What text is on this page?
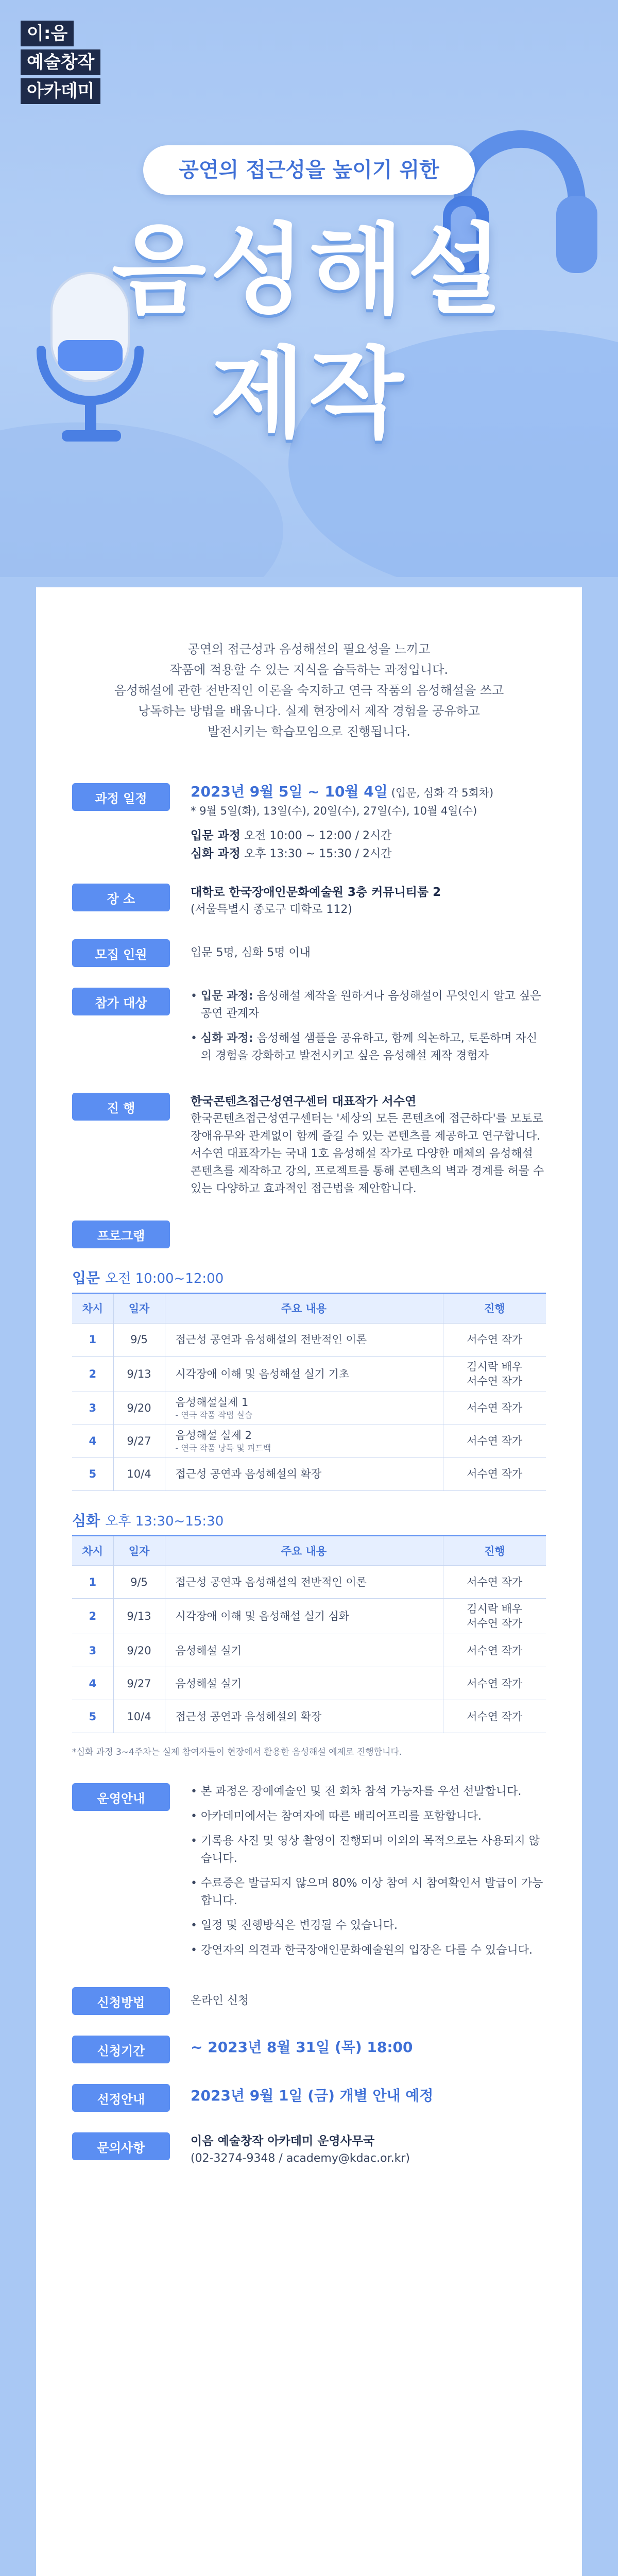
이:음
예술창작
아카데미
공연의 접근성을 높이기 위한
음성해설
제작
공연의 접근성과 음성해설의 필요성을 느끼고
작품에 적용할 수 있는 지식을 습득하는 과정입니다.
음성해설에 관한 전반적인 이론을 숙지하고 연극 작품의 음성해설을 쓰고
낭독하는 방법을 배웁니다. 실제 현장에서 제작 경험을 공유하고
발전시키는 학습모임으로 진행됩니다.
과정 일정	2023년 9월 5일 ~ 10월 4일 (입문, 심화 각 5회차)
* 9월 5일(화), 13일(수), 20일(수), 27일(수), 10월 4일(수)
입문 과정 오전 10:00 ~ 12:00 / 2시간
심화 과정 오후 13:30 ~ 15:30 / 2시간
장 소	대학로 한국장애인문화예술원 3층 커뮤니티룸 2
(서울특별시 종로구 대학로 112)
모집 인원	입문 5명, 심화 5명 이내
참가 대상	• 입문 과정: 음성해설 제작을 원하거나 음성해설이 무엇인지 알고 싶은 공연 관계자
• 심화 과정: 음성해설 샘플을 공유하고, 함께 의논하고, 토론하며 자신의 경험을 강화하고 발전시키고 싶은 음성해설 제작 경험자
진 행	한국콘텐츠접근성연구센터 대표작가 서수연
한국콘텐츠접근성연구센터는 '세상의 모든 콘텐츠에 접근하다'를 모토로 장애유무와 관계없이 함께 즐길 수 있는 콘텐츠를 제공하고 연구합니다. 서수연 대표작가는 국내 1호 음성해설 작가로 다양한 매체의 음성해설 콘텐츠를 제작하고 강의, 프로젝트를 통해 콘텐츠의 벽과 경계를 허물 수 있는 다양하고 효과적인 접근법을 제안합니다.
프로그램
입문 오전 10:00~12:00
차시	일자	주요 내용	진행
1	9/5	접근성 공연과 음성해설의 전반적인 이론	서수연 작가
2	9/13	시각장애 이해 및 음성해설 실기 기초	김시락 배우
서수연 작가
3	9/20	음성해설실제 1
- 연극 작품 작법 실습	서수연 작가
4	9/27	음성해설 실제 2
- 연극 작품 낭독 및 피드백	서수연 작가
5	10/4	접근성 공연과 음성해설의 확장	서수연 작가
심화 오후 13:30~15:30
차시	일자	주요 내용	진행
1	9/5	접근성 공연과 음성해설의 전반적인 이론	서수연 작가
2	9/13	시각장애 이해 및 음성해설 실기 심화	김시락 배우
서수연 작가
3	9/20	음성해설 실기	서수연 작가
4	9/27	음성해설 실기	서수연 작가
5	10/4	접근성 공연과 음성해설의 확장	서수연 작가
*심화 과정 3~4주차는 실제 참여자들이 현장에서 활용한 음성해설 예제로 진행합니다.
운영안내	• 본 과정은 장애예술인 및 전 회차 참석 가능자를 우선 선발합니다.
• 아카데미에서는 참여자에 따른 배리어프리를 포함합니다.
• 기록용 사진 및 영상 촬영이 진행되며 이외의 목적으로는 사용되지 않습니다.
• 수료증은 발급되지 않으며 80% 이상 참여 시 참여확인서 발급이 가능합니다.
• 일정 및 진행방식은 변경될 수 있습니다.
• 강연자의 의견과 한국장애인문화예술원의 입장은 다를 수 있습니다.
신청방법	온라인 신청
신청기간	~ 2023년 8월 31일 (목) 18:00
선정안내	2023년 9월 1일 (금) 개별 안내 예정
문의사항	이음 예술창작 아카데미 운영사무국
(02-3274-9348 / academy@kdac.or.kr)
